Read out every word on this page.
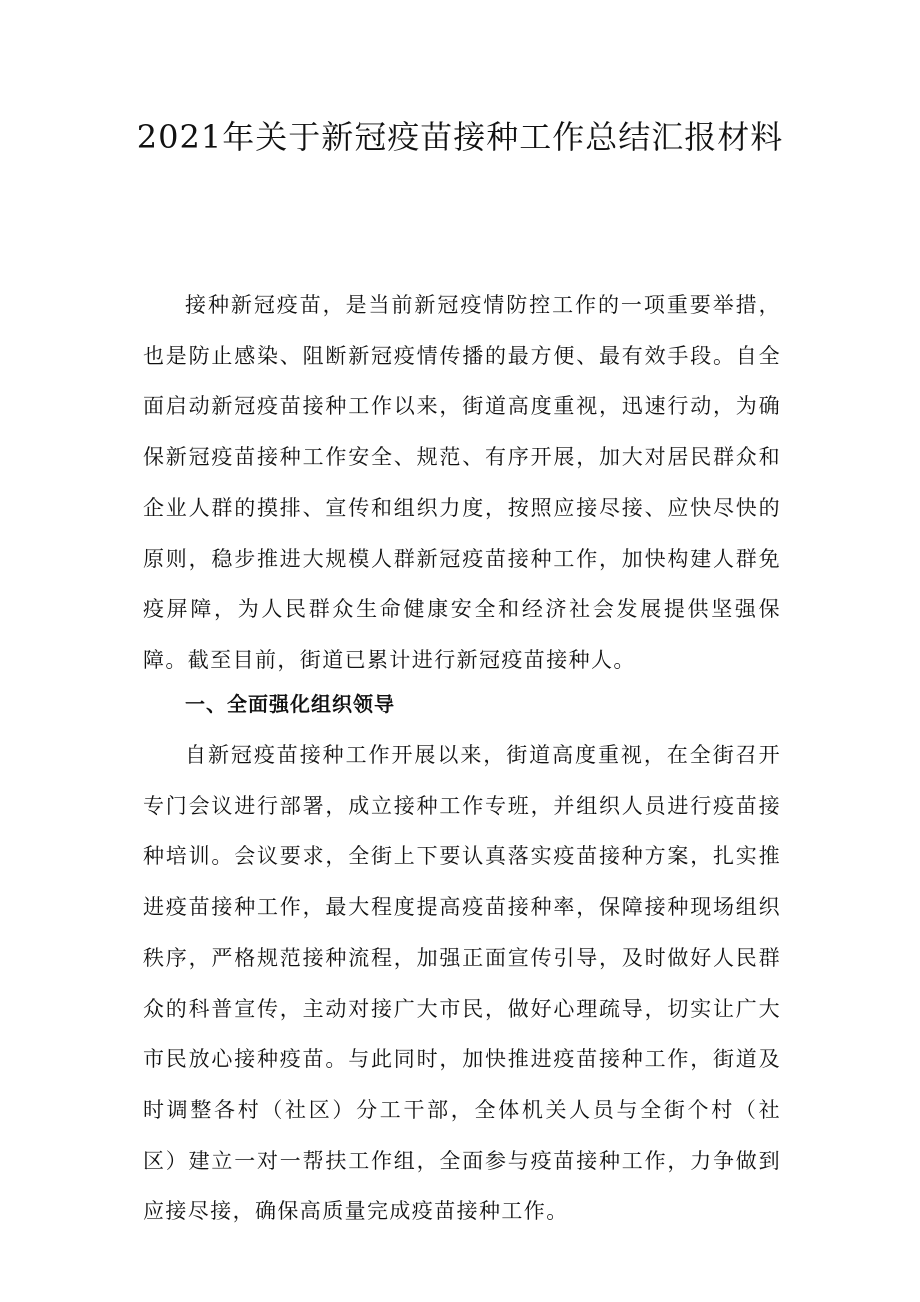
2021年关于新冠疫苗接种工作总结汇报材料

接种新冠疫苗，是当前新冠疫情防控工作的一项重要举措，也是防止感染、阻断新冠疫情传播的最方便、最有效手段。自全面启动新冠疫苗接种工作以来，街道高度重视，迅速行动，为确保新冠疫苗接种工作安全、规范、有序开展，加大对居民群众和企业人群的摸排、宣传和组织力度，按照应接尽接、应快尽快的原则，稳步推进大规模人群新冠疫苗接种工作，加快构建人群免疫屏障，为人民群众生命健康安全和经济社会发展提供坚强保障。截至目前，街道已累计进行新冠疫苗接种人。

一、全面强化组织领导

自新冠疫苗接种工作开展以来，街道高度重视，在全街召开专门会议进行部署，成立接种工作专班，并组织人员进行疫苗接种培训。会议要求，全街上下要认真落实疫苗接种方案，扎实推进疫苗接种工作，最大程度提高疫苗接种率，保障接种现场组织秩序，严格规范接种流程，加强正面宣传引导，及时做好人民群众的科普宣传，主动对接广大市民，做好心理疏导，切实让广大市民放心接种疫苗。与此同时，加快推进疫苗接种工作，街道及时调整各村（社区）分工干部，全体机关人员与全街个村（社区）建立一对一帮扶工作组，全面参与疫苗接种工作，力争做到应接尽接，确保高质量完成疫苗接种工作。
